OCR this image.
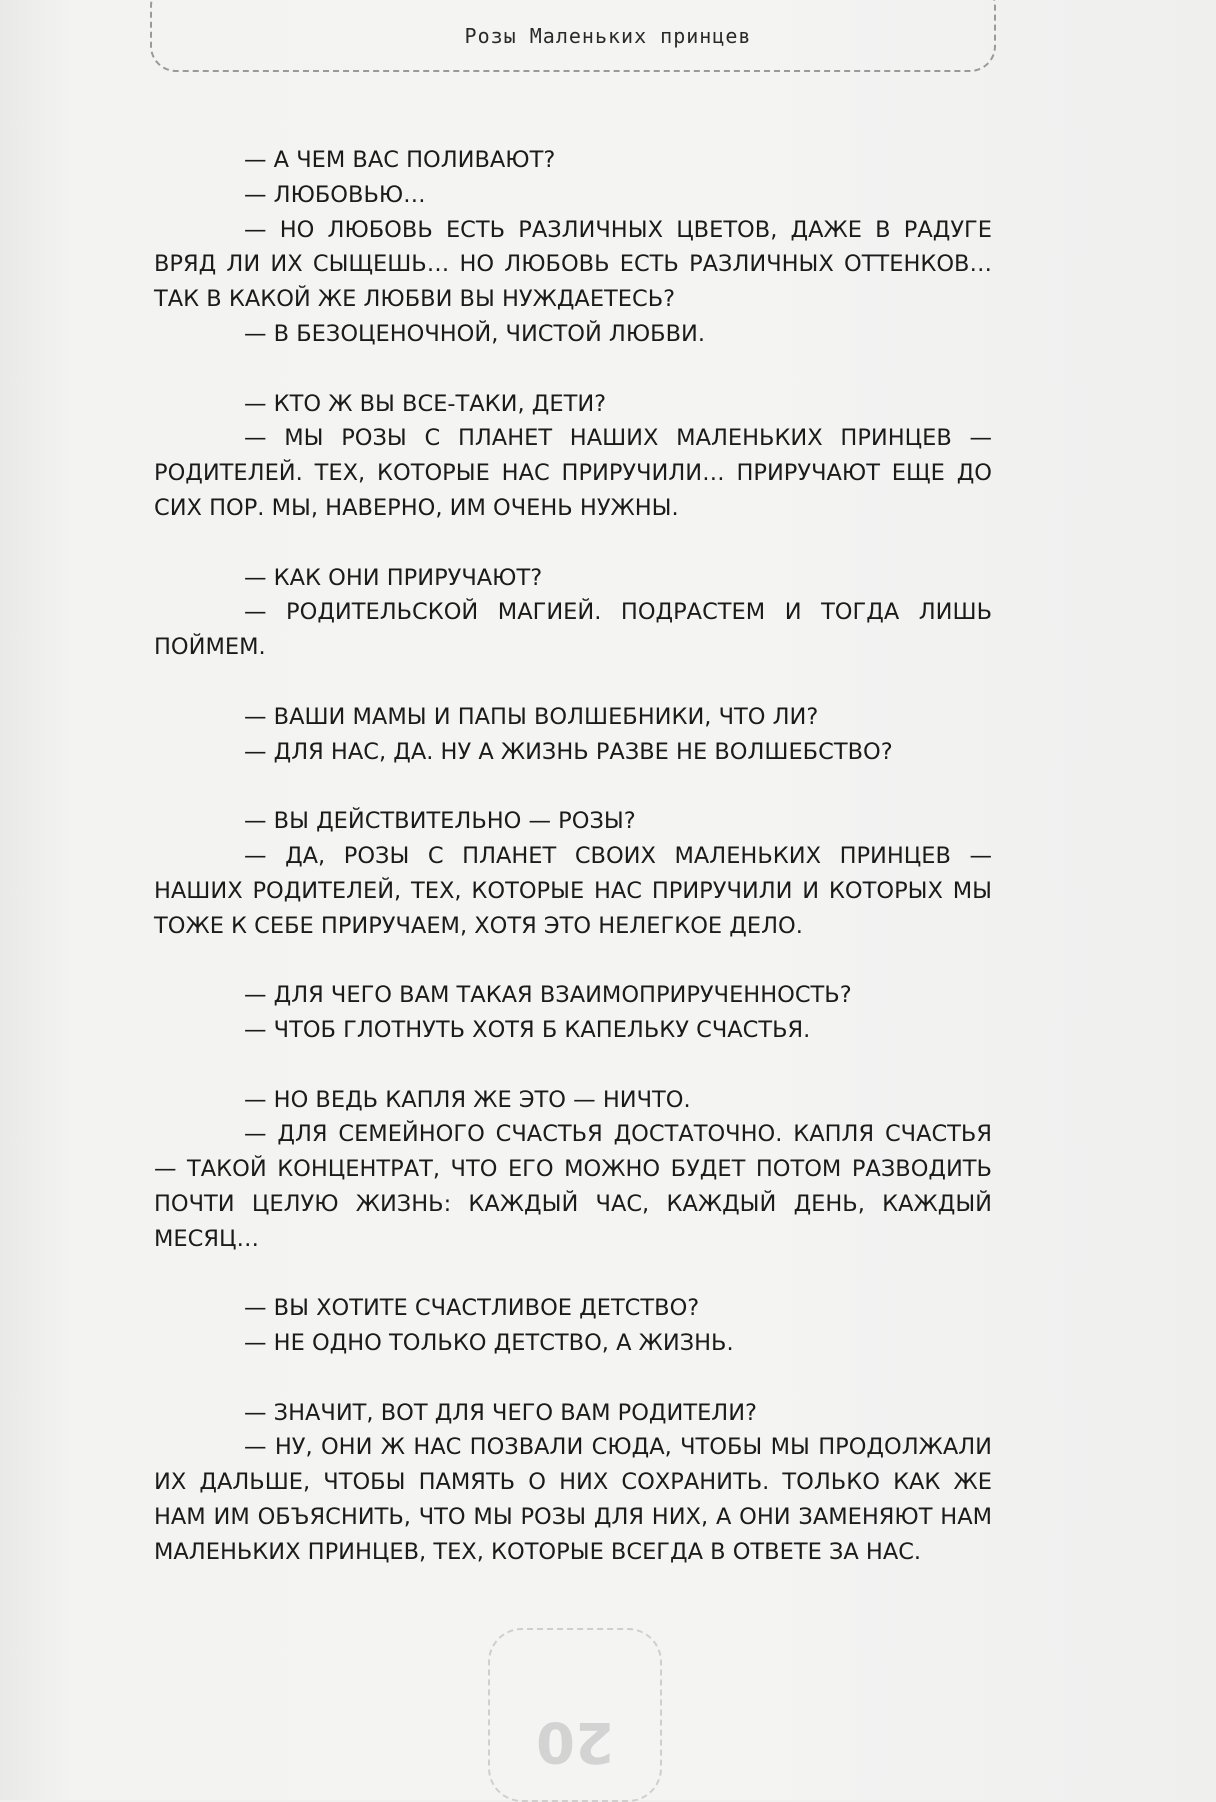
Розы Маленьких принцев
20

— А ЧЕМ ВАС ПОЛИВАЮТ?

— ЛЮБОВЬЮ…

— НО ЛЮБОВЬ ЕСТЬ РАЗЛИЧНЫХ ЦВЕТОВ, ДАЖЕ В РАДУГЕ ВРЯД ЛИ ИХ СЫЩЕШЬ… НО ЛЮБОВЬ ЕСТЬ РАЗЛИЧНЫХ ОТТЕНКОВ… ТАК В КАКОЙ ЖЕ ЛЮБВИ ВЫ НУЖДАЕТЕСЬ?

— В БЕЗОЦЕНОЧНОЙ, ЧИСТОЙ ЛЮБВИ.

— КТО Ж ВЫ ВСЕ-ТАКИ, ДЕТИ?

— МЫ РОЗЫ С ПЛАНЕТ НАШИХ МАЛЕНЬКИХ ПРИНЦЕВ — РОДИТЕЛЕЙ. ТЕХ, КОТОРЫЕ НАС ПРИРУЧИЛИ… ПРИРУЧАЮТ ЕЩЕ ДО СИХ ПОР. МЫ, НАВЕРНО, ИМ ОЧЕНЬ НУЖНЫ.

— КАК ОНИ ПРИРУЧАЮТ?

— РОДИТЕЛЬСКОЙ МАГИЕЙ. ПОДРАСТЕМ И ТОГДА ЛИШЬ ПОЙМЕМ.

— ВАШИ МАМЫ И ПАПЫ ВОЛШЕБНИКИ, ЧТО ЛИ?

— ДЛЯ НАС, ДА. НУ А ЖИЗНЬ РАЗВЕ НЕ ВОЛШЕБСТВО?

— ВЫ ДЕЙСТВИТЕЛЬНО — РОЗЫ?

— ДА, РОЗЫ С ПЛАНЕТ СВОИХ МАЛЕНЬКИХ ПРИНЦЕВ — НАШИХ РОДИТЕЛЕЙ, ТЕХ, КОТОРЫЕ НАС ПРИРУЧИЛИ И КОТОРЫХ МЫ ТОЖЕ К СЕБЕ ПРИРУЧАЕМ, ХОТЯ ЭТО НЕЛЕГКОЕ ДЕЛО.

— ДЛЯ ЧЕГО ВАМ ТАКАЯ ВЗАИМОПРИРУЧЕННОСТЬ?

— ЧТОБ ГЛОТНУТЬ ХОТЯ Б КАПЕЛЬКУ СЧАСТЬЯ.

— НО ВЕДЬ КАПЛЯ ЖЕ ЭТО — НИЧТО.

— ДЛЯ СЕМЕЙНОГО СЧАСТЬЯ ДОСТАТОЧНО. КАПЛЯ СЧАСТЬЯ — ТАКОЙ КОНЦЕНТРАТ, ЧТО ЕГО МОЖНО БУДЕТ ПОТОМ РАЗВОДИТЬ ПОЧТИ ЦЕЛУЮ ЖИЗНЬ: КАЖДЫЙ ЧАС, КАЖДЫЙ ДЕНЬ, КАЖДЫЙ МЕСЯЦ…

— ВЫ ХОТИТЕ СЧАСТЛИВОЕ ДЕТСТВО?

— НЕ ОДНО ТОЛЬКО ДЕТСТВО, А ЖИЗНЬ.

— ЗНАЧИТ, ВОТ ДЛЯ ЧЕГО ВАМ РОДИТЕЛИ?

— НУ, ОНИ Ж НАС ПОЗВАЛИ СЮДА, ЧТОБЫ МЫ ПРОДОЛЖАЛИ ИХ ДАЛЬШЕ, ЧТОБЫ ПАМЯТЬ О НИХ СОХРАНИТЬ. ТОЛЬКО КАК ЖЕ НАМ ИМ ОБЪЯСНИТЬ, ЧТО МЫ РОЗЫ ДЛЯ НИХ, А ОНИ ЗАМЕНЯЮТ НАМ МАЛЕНЬКИХ ПРИНЦЕВ, ТЕХ, КОТОРЫЕ ВСЕГДА В ОТВЕТЕ ЗА НАС.
